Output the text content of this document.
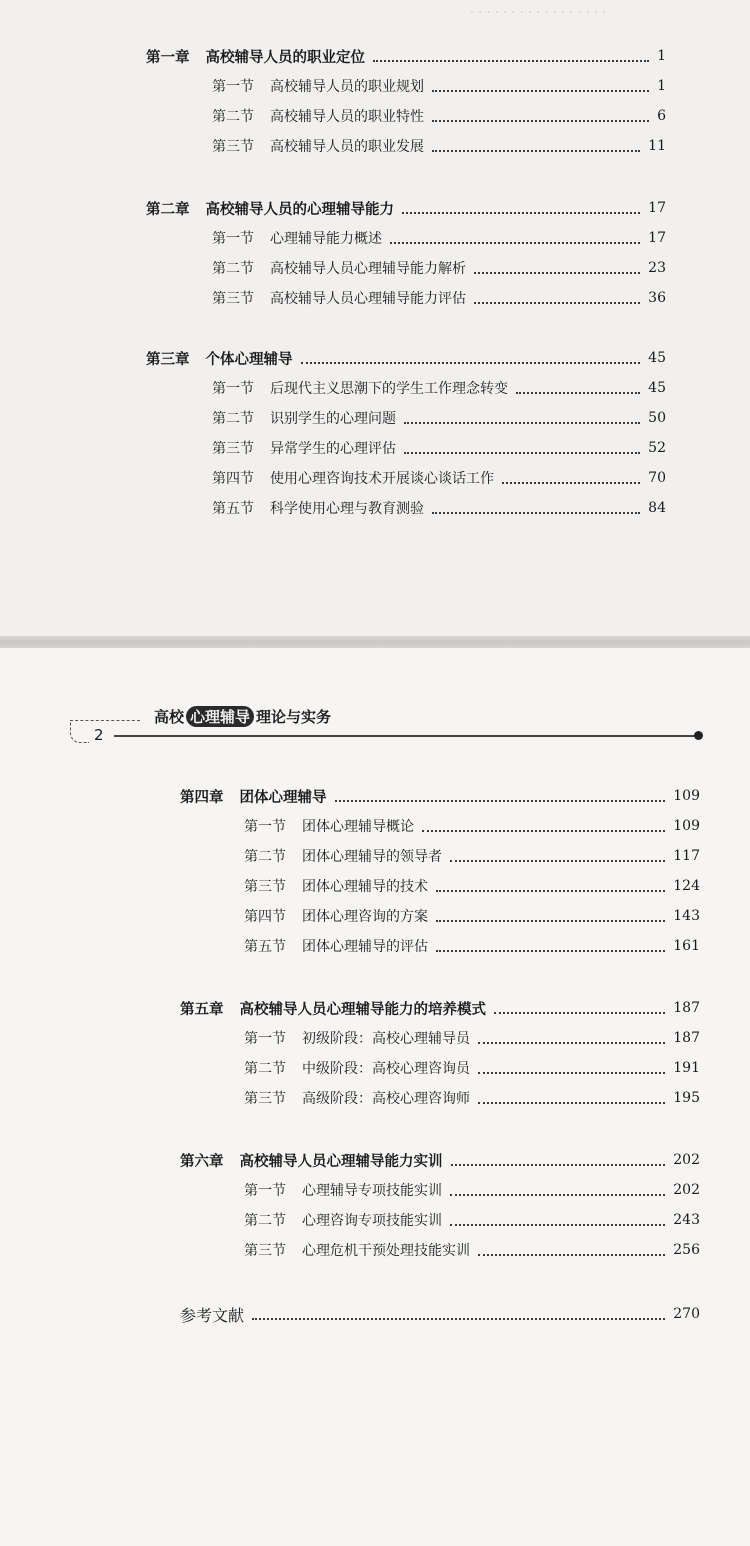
· · · · · · · · · · · · · · · · ·
第一章 高校辅导人员的职业定位	1
第一节 高校辅导人员的职业规划	1
第二节 高校辅导人员的职业特性	6
第三节 高校辅导人员的职业发展	11
第二章 高校辅导人员的心理辅导能力	17
第一节 心理辅导能力概述	17
第二节 高校辅导人员心理辅导能力解析	23
第三节 高校辅导人员心理辅导能力评估	36
第三章 个体心理辅导	45
第一节 后现代主义思潮下的学生工作理念转变	45
第二节 识别学生的心理问题	50
第三节 异常学生的心理评估	52
第四节 使用心理咨询技术开展谈心谈话工作	70
第五节 科学使用心理与教育测验	84
高校 心理辅导 理论与实务
2
第四章 团体心理辅导	109
第一节 团体心理辅导概论	109
第二节 团体心理辅导的领导者	117
第三节 团体心理辅导的技术	124
第四节 团体心理咨询的方案	143
第五节 团体心理辅导的评估	161
第五章 高校辅导人员心理辅导能力的培养模式	187
第一节 初级阶段：高校心理辅导员	187
第二节 中级阶段：高校心理咨询员	191
第三节 高级阶段：高校心理咨询师	195
第六章 高校辅导人员心理辅导能力实训	202
第一节 心理辅导专项技能实训	202
第二节 心理咨询专项技能实训	243
第三节 心理危机干预处理技能实训	256
参考文献	270
